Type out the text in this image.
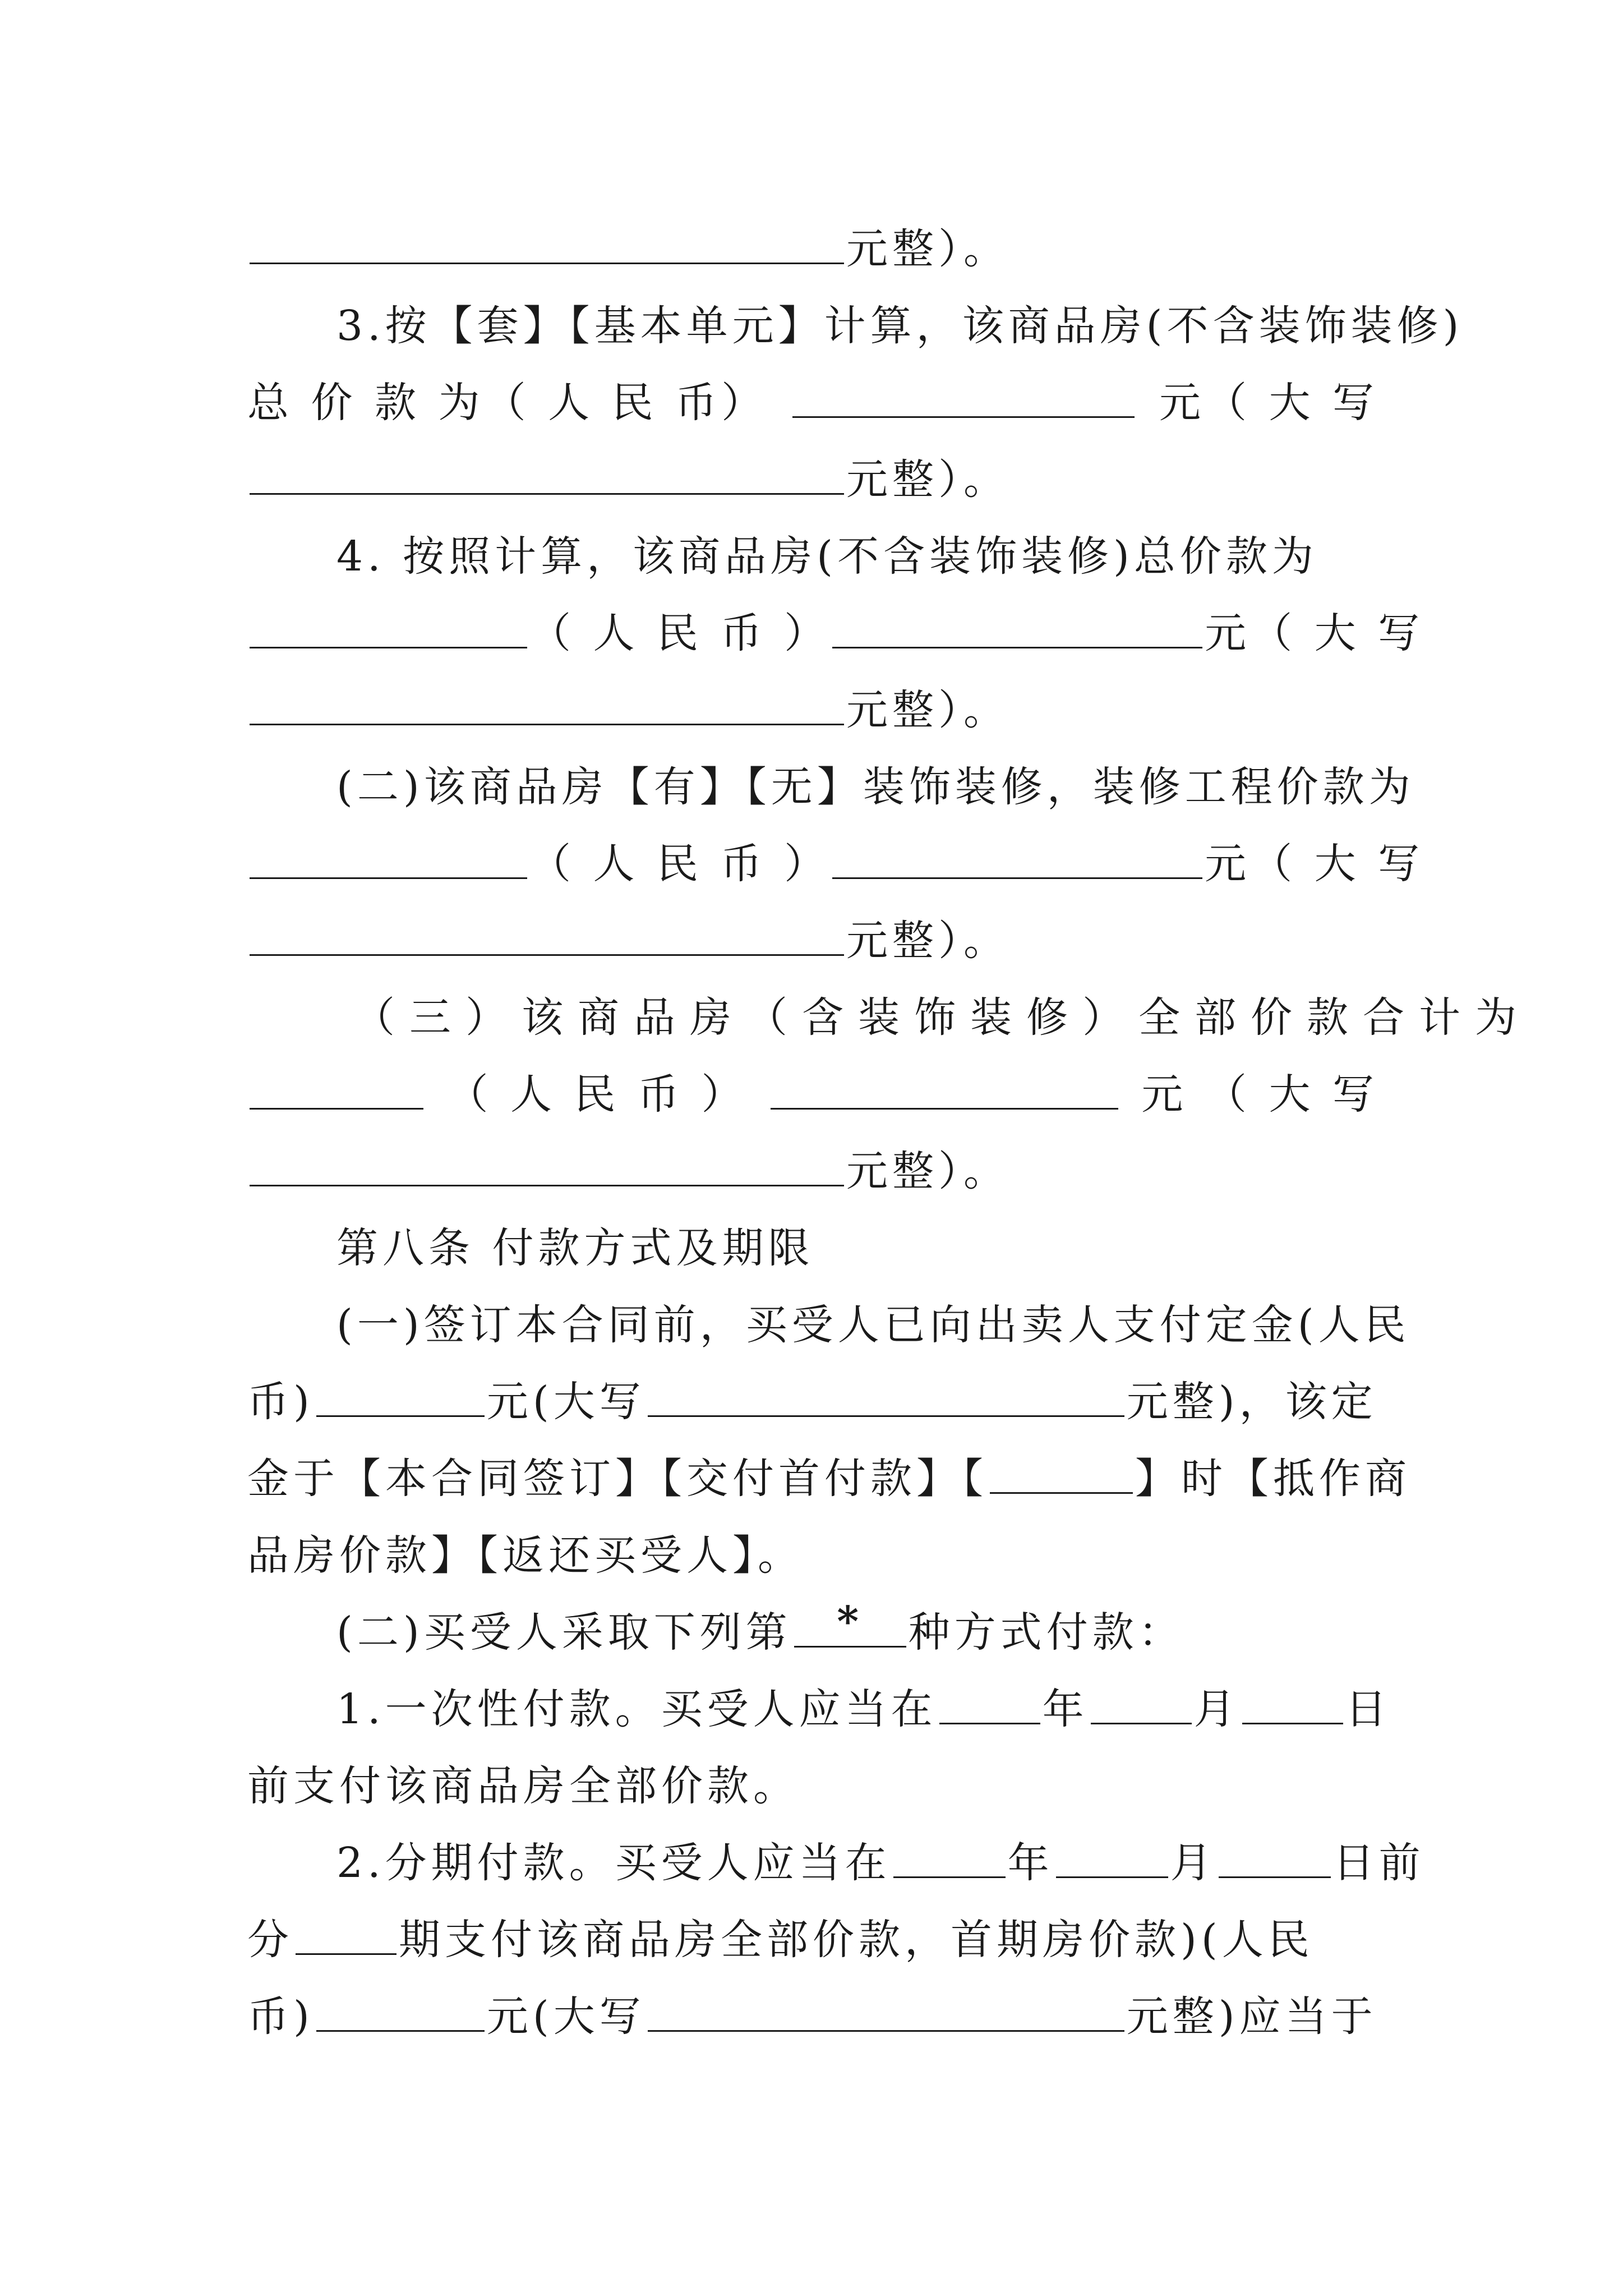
元整）。
3.按【套】【基本单元】计算，该商品房(不含装饰装修)
总 价 款 为（ 人 民 币）	元（ 大 写
元整）。
4. 按照计算，该商品房(不含装饰装修)总价款为
（ 人 民 币 ）	元（ 大 写
元整）。
(二)该商品房【有】【无】装饰装修，装修工程价款为
（ 人 民 币 ）	元（ 大 写
元整）。
（三）该商品房（含装饰装修）全部价款合计为
（ 人 民 币 ）	元 （ 大 写
元整）。
第八条 付款方式及期限
(一)签订本合同前，买受人已向出卖人支付定金(人民
币)	元(大写	元整)，该定
金于【本合同签订】【交付首付款】【	】时【抵作商
品房价款】【返还买受人】。
(二)买受人采取下列第 * 种方式付款：
1.一次性付款。买受人应当在	年	月	日
前支付该商品房全部价款。
2.分期付款。买受人应当在	年	月	日前
分	期支付该商品房全部价款，首期房价款)(人民
币)	元(大写	元整)应当于
